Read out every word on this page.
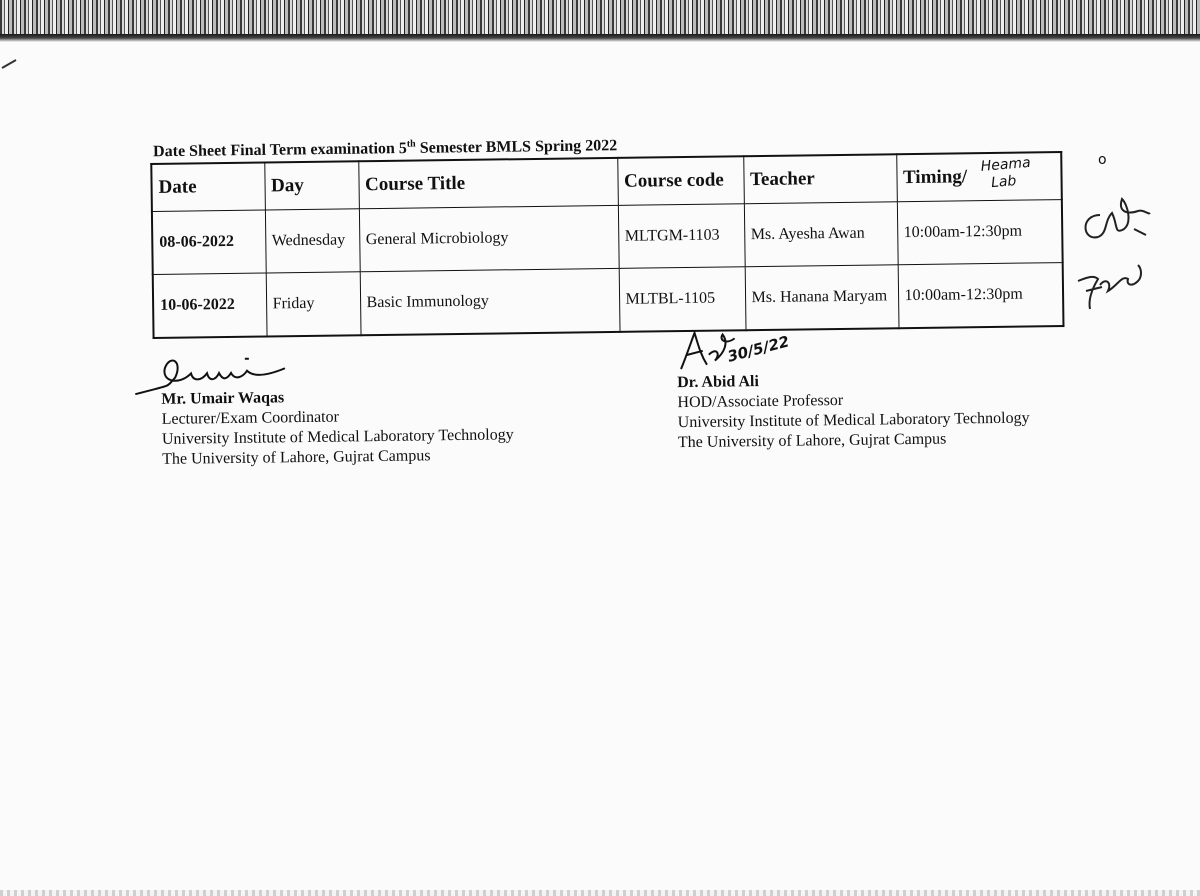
o
Date Sheet Final Term examination 5th Semester BMLS Spring 2022
Date	Day	Course Title	Course code	Teacher	Timing/
Heama
Lab

08-06-2022	Wednesday	General Microbiology	MLTGM-1103	Ms. Ayesha Awan	10:00am-12:30pm
10-06-2022	Friday	Basic Immunology	MLTBL-1105	Ms. Hanana Maryam	10:00am-12:30pm
Mr. Umair Waqas
Lecturer/Exam Coordinator
University Institute of Medical Laboratory Technology
The University of Lahore, Gujrat Campus
30/5/22
Dr. Abid Ali
HOD/Associate Professor
University Institute of Medical Laboratory Technology
The University of Lahore, Gujrat Campus
